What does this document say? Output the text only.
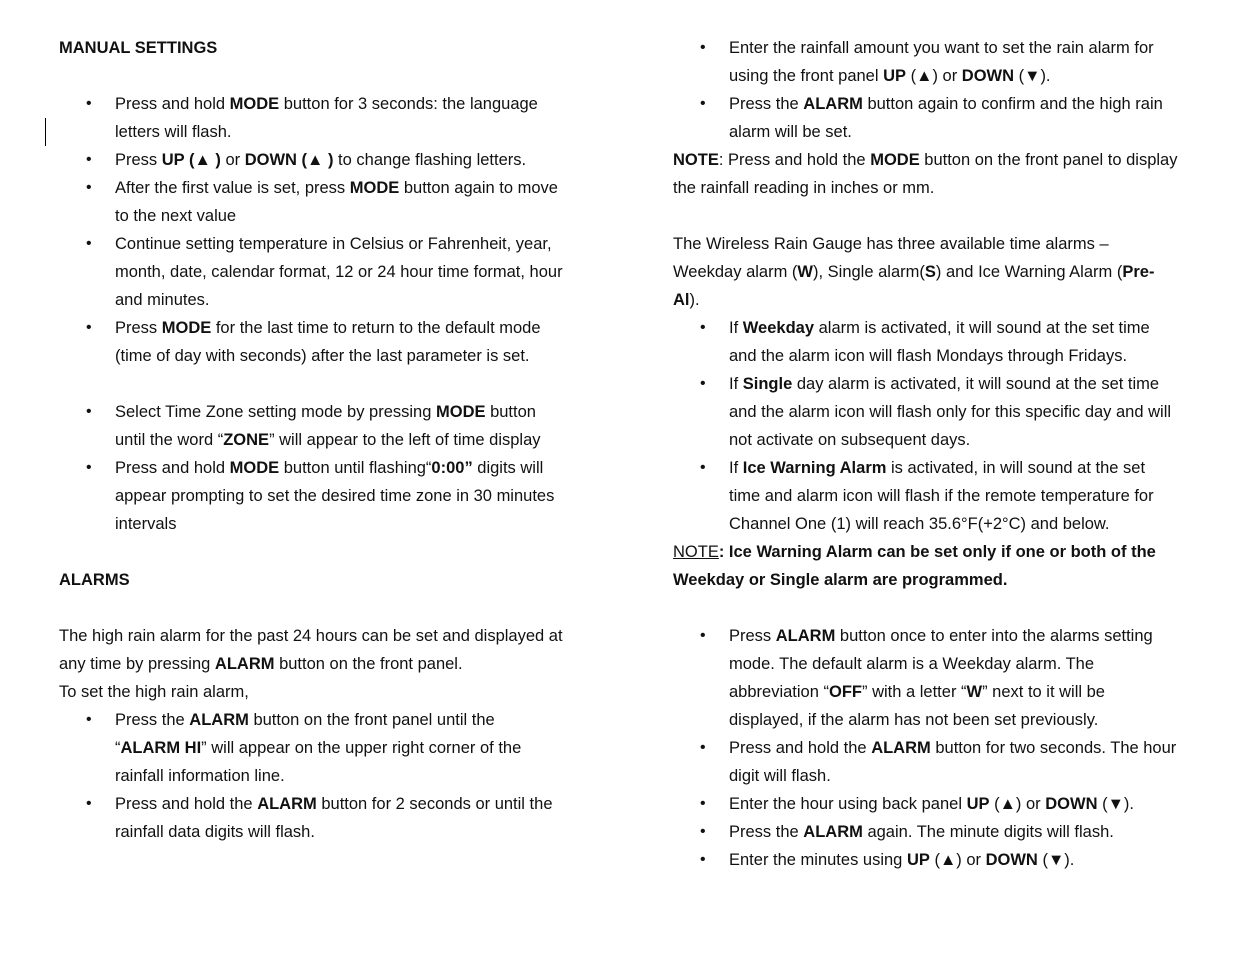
MANUAL SETTINGS

• Press and hold MODE button for 3 seconds: the language letters will flash.
• Press UP (▲ ) or DOWN (▲ ) to change flashing letters.
• After the first value is set, press MODE button again to move to the next value
• Continue setting temperature in Celsius or Fahrenheit, year, month, date, calendar format, 12 or 24 hour time format, hour and minutes.
• Press MODE for the last time to return to the default mode (time of day with seconds) after the last parameter is set.
• Select Time Zone setting mode by pressing MODE button until the word “ZONE” will appear to the left of time display
• Press and hold MODE button until flashing“0:00” digits will appear prompting to set the desired time zone in 30 minutes intervals

ALARMS

The high rain alarm for the past 24 hours can be set and displayed at any time by pressing ALARM button on the front panel.

To set the high rain alarm,

• Press the ALARM button on the front panel until the “ALARM HI” will appear on the upper right corner of the rainfall information line.
• Press and hold the ALARM button for 2 seconds or until the rainfall data digits will flash.
• Enter the rainfall amount you want to set the rain alarm for using the front panel UP (▲) or DOWN (▼).
• Press the ALARM button again to confirm and the high rain alarm will be set.

NOTE: Press and hold the MODE button on the front panel to display the rainfall reading in inches or mm.

The Wireless Rain Gauge has three available time alarms – Weekday alarm (W), Single alarm(S) and Ice Warning Alarm (Pre-Al).

• If Weekday alarm is activated, it will sound at the set time and the alarm icon will flash Mondays through Fridays.
• If Single day alarm is activated, it will sound at the set time and the alarm icon will flash only for this specific day and will not activate on subsequent days.
• If Ice Warning Alarm is activated, in will sound at the set time and alarm icon will flash if the remote temperature for Channel One (1) will reach 35.6°F(+2°C) and below.

NOTE: Ice Warning Alarm can be set only if one or both of the Weekday or Single alarm are programmed.

• Press ALARM button once to enter into the alarms setting mode. The default alarm is a Weekday alarm. The abbreviation “OFF” with a letter “W” next to it will be displayed, if the alarm has not been set previously.
• Press and hold the ALARM button for two seconds. The hour digit will flash.
• Enter the hour using back panel UP (▲) or DOWN (▼).
• Press the ALARM again. The minute digits will flash.
• Enter the minutes using UP (▲) or DOWN (▼).
